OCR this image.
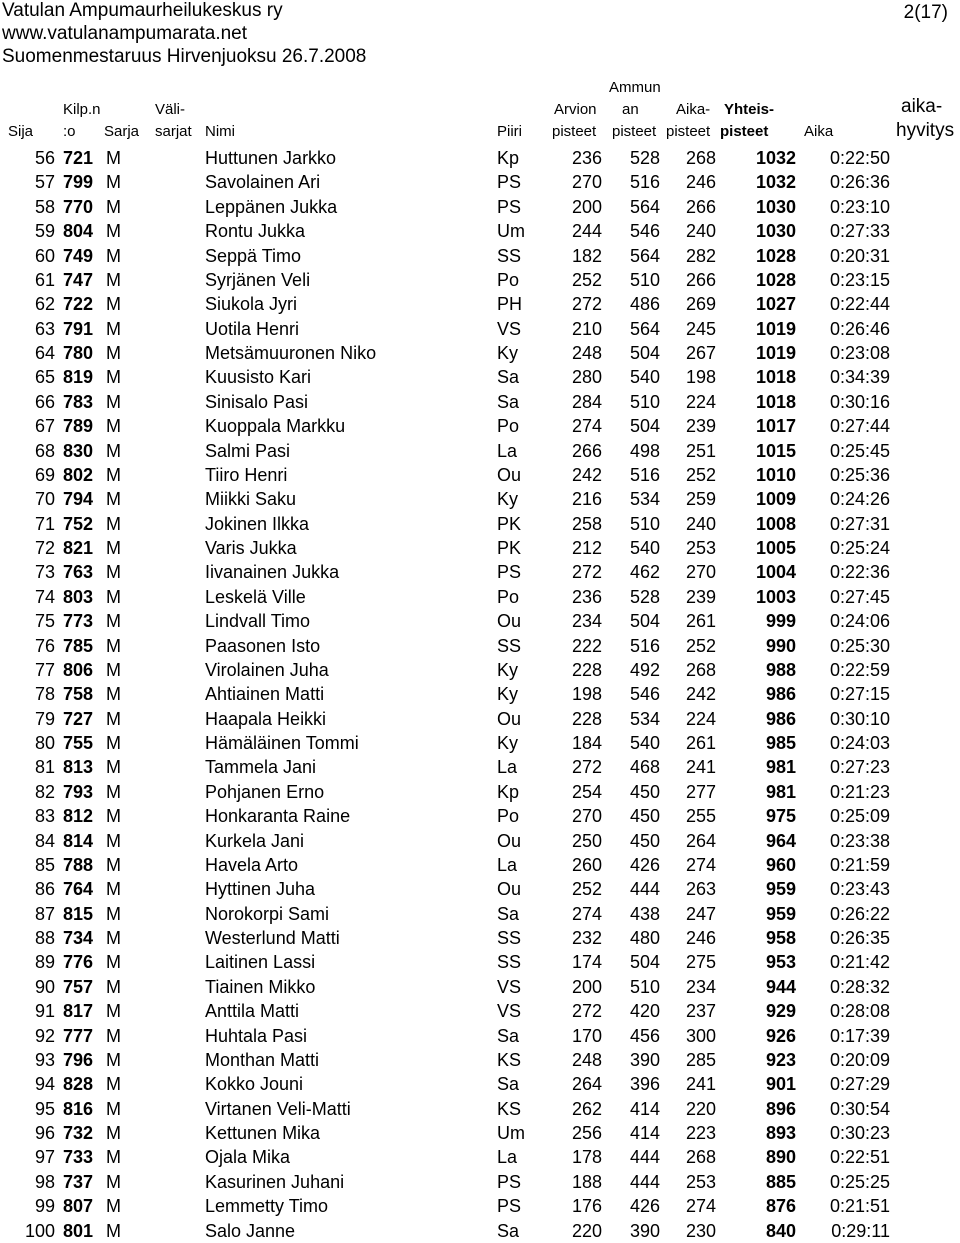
Vatulan Ampumaurheilukeskus ry
www.vatulanampumarata.net
Suomenmestaruus Hirvenjuoksu 26.7.2008
2(17)
Sija
Kilp.n
:o Sarja
Väli-
sarjat Nimi	Piiri
Arvion
pisteet
Ammun
an
pisteet
Aika-
pisteet
Yhteis-
pisteet Aika
aika-
hyvitys
56 721 M	Huttunen Jarkko	Kp	236	528	268	1032	0:22:50
57 799 M	Savolainen Ari	PS	270	516	246	1032	0:26:36
58 770 M	Leppänen Jukka	PS	200	564	266	1030	0:23:10
59 804 M	Rontu Jukka	Um	244	546	240	1030	0:27:33
60 749 M	Seppä Timo	SS	182	564	282	1028	0:20:31
61 747 M	Syrjänen Veli	Po	252	510	266	1028	0:23:15
62 722 M	Siukola Jyri	PH	272	486	269	1027	0:22:44
63 791 M	Uotila Henri	VS	210	564	245	1019	0:26:46
64 780 M	Metsämuuronen Niko	Ky	248	504	267	1019	0:23:08
65 819 M	Kuusisto Kari	Sa	280	540	198	1018	0:34:39
66 783 M	Sinisalo Pasi	Sa	284	510	224	1018	0:30:16
67 789 M	Kuoppala Markku	Po	274	504	239	1017	0:27:44
68 830 M	Salmi Pasi	La	266	498	251	1015	0:25:45
69 802 M	Tiiro Henri	Ou	242	516	252	1010	0:25:36
70 794 M	Miikki Saku	Ky	216	534	259	1009	0:24:26
71 752 M	Jokinen Ilkka	PK	258	510	240	1008	0:27:31
72 821 M	Varis Jukka	PK	212	540	253	1005	0:25:24
73 763 M	Iivanainen Jukka	PS	272	462	270	1004	0:22:36
74 803 M	Leskelä Ville	Po	236	528	239	1003	0:27:45
75 773 M	Lindvall Timo	Ou	234	504	261	999	0:24:06
76 785 M	Paasonen Isto	SS	222	516	252	990	0:25:30
77 806 M	Virolainen Juha	Ky	228	492	268	988	0:22:59
78 758 M	Ahtiainen Matti	Ky	198	546	242	986	0:27:15
79 727 M	Haapala Heikki	Ou	228	534	224	986	0:30:10
80 755 M	Hämäläinen Tommi	Ky	184	540	261	985	0:24:03
81 813 M	Tammela Jani	La	272	468	241	981	0:27:23
82 793 M	Pohjanen Erno	Kp	254	450	277	981	0:21:23
83 812 M	Honkaranta Raine	Po	270	450	255	975	0:25:09
84 814 M	Kurkela Jani	Ou	250	450	264	964	0:23:38
85 788 M	Havela Arto	La	260	426	274	960	0:21:59
86 764 M	Hyttinen Juha	Ou	252	444	263	959	0:23:43
87 815 M	Norokorpi Sami	Sa	274	438	247	959	0:26:22
88 734 M	Westerlund Matti	SS	232	480	246	958	0:26:35
89 776 M	Laitinen Lassi	SS	174	504	275	953	0:21:42
90 757 M	Tiainen Mikko	VS	200	510	234	944	0:28:32
91 817 M	Anttila Matti	VS	272	420	237	929	0:28:08
92 777 M	Huhtala Pasi	Sa	170	456	300	926	0:17:39
93 796 M	Monthan Matti	KS	248	390	285	923	0:20:09
94 828 M	Kokko Jouni	Sa	264	396	241	901	0:27:29
95 816 M	Virtanen Veli-Matti	KS	262	414	220	896	0:30:54
96 732 M	Kettunen Mika	Um	256	414	223	893	0:30:23
97 733 M	Ojala Mika	La	178	444	268	890	0:22:51
98 737 M	Kasurinen Juhani	PS	188	444	253	885	0:25:25
99 807 M	Lemmetty Timo	PS	176	426	274	876	0:21:51
100 801 M	Salo Janne	Sa	220	390	230	840	0:29:11
